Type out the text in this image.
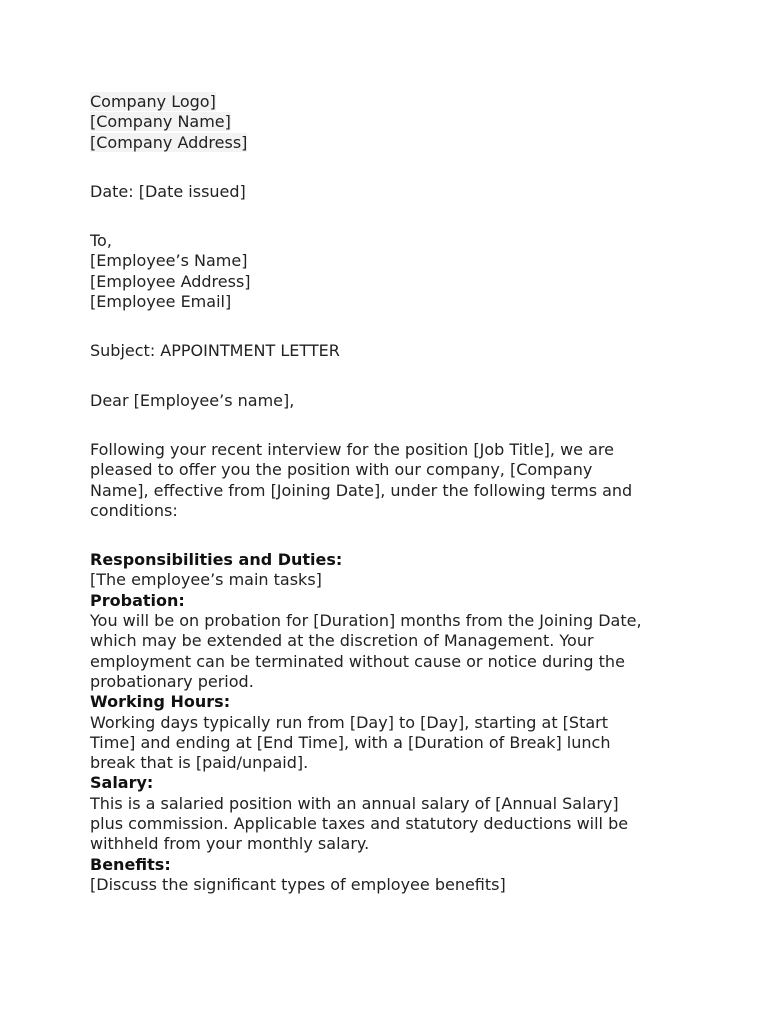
Company Logo]
[Company Name]
[Company Address]
Date: [Date issued]
To,
[Employee’s Name]
[Employee Address]
[Employee Email]
Subject: APPOINTMENT LETTER
Dear [Employee’s name],
Following your recent interview for the position [Job Title], we are
pleased to offer you the position with our company, [Company
Name], effective from [Joining Date], under the following terms and
conditions:
Responsibilities and Duties:
[The employee’s main tasks]
Probation:
You will be on probation for [Duration] months from the Joining Date,
which may be extended at the discretion of Management. Your
employment can be terminated without cause or notice during the
probationary period.
Working Hours:
Working days typically run from [Day] to [Day], starting at [Start
Time] and ending at [End Time], with a [Duration of Break] lunch
break that is [paid/unpaid].
Salary:
This is a salaried position with an annual salary of [Annual Salary]
plus commission. Applicable taxes and statutory deductions will be
withheld from your monthly salary.
Benefits:
[Discuss the significant types of employee benefits]
